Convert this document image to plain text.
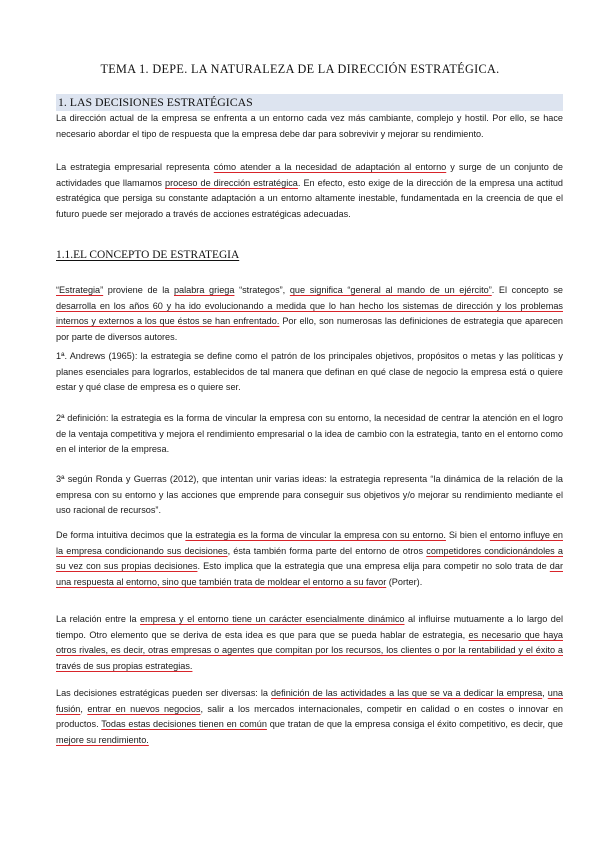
TEMA 1. DEPE. LA NATURALEZA DE LA DIRECCIÓN ESTRATÉGICA.
1. LAS DECISIONES ESTRATÉGICAS

La dirección actual de la empresa se enfrenta a un entorno cada vez más cambiante, complejo y hostil. Por ello, se hace necesario abordar el tipo de respuesta que la empresa debe dar para sobrevivir y mejorar su rendimiento.

La estrategia empresarial representa cómo atender a la necesidad de adaptación al entorno y surge de un conjunto de actividades que llamamos proceso de dirección estratégica. En efecto, esto exige de la dirección de la empresa una actitud estratégica que persiga su constante adaptación a un entorno altamente inestable, fundamentada en la creencia de que el futuro puede ser mejorado a través de acciones estratégicas adecuadas.

1.1.EL CONCEPTO DE ESTRATEGIA

“Estrategia” proviene de la palabra griega “strategos”, que significa “general al mando de un ejército”. El concepto se desarrolla en los años 60 y ha ido evolucionando a medida que lo han hecho los sistemas de dirección y los problemas internos y externos a los que éstos se han enfrentado. Por ello, son numerosas las definiciones de estrategia que aparecen por parte de diversos autores.

1ª. Andrews (1965): la estrategia se define como el patrón de los principales objetivos, propósitos o metas y las políticas y planes esenciales para lograrlos, establecidos de tal manera que definan en qué clase de negocio la empresa está o quiere estar y qué clase de empresa es o quiere ser.

2ª definición: la estrategia es la forma de vincular la empresa con su entorno, la necesidad de centrar la atención en el logro de la ventaja competitiva y mejora el rendimiento empresarial o la idea de cambio con la estrategia, tanto en el entorno como en el interior de la empresa.

3ª según Ronda y Guerras (2012), que intentan unir varias ideas: la estrategia representa “la dinámica de la relación de la empresa con su entorno y las acciones que emprende para conseguir sus objetivos y/o mejorar su rendimiento mediante el uso racional de recursos”.

De forma intuitiva decimos que la estrategia es la forma de vincular la empresa con su entorno. Si bien el entorno influye en la empresa condicionando sus decisiones, ésta también forma parte del entorno de otros competidores condicionándoles a su vez con sus propias decisiones. Esto implica que la estrategia que una empresa elija para competir no solo trata de dar una respuesta al entorno, sino que también trata de moldear el entorno a su favor (Porter).

La relación entre la empresa y el entorno tiene un carácter esencialmente dinámico al influirse mutuamente a lo largo del tiempo. Otro elemento que se deriva de esta idea es que para que se pueda hablar de estrategia, es necesario que haya otros rivales, es decir, otras empresas o agentes que compitan por los recursos, los clientes o por la rentabilidad y el éxito a través de sus propias estrategias.

Las decisiones estratégicas pueden ser diversas: la definición de las actividades a las que se va a dedicar la empresa, una fusión, entrar en nuevos negocios, salir a los mercados internacionales, competir en calidad o en costes o innovar en productos. Todas estas decisiones tienen en común que tratan de que la empresa consiga el éxito competitivo, es decir, que mejore su rendimiento.
